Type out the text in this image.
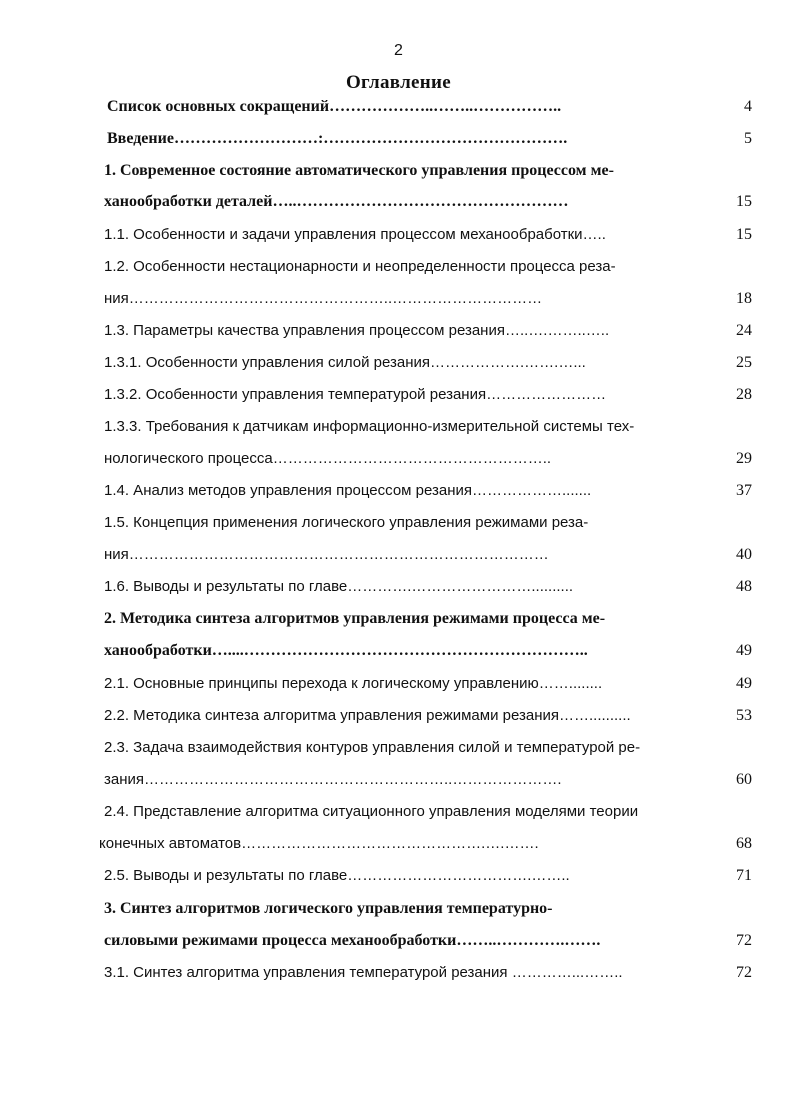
2
Оглавление
Список основных сокращений………………..……..……………..	4
Введение………………………:……………………………………….	5
1. Современное состояние автоматического управления процессом ме-
ханообработки деталей…..……………………………………………	15
1.1. Особенности и задачи управления процессом механообработки…..	15
1.2. Особенности нестационарности и неопределенности процесса реза-
ния……………………………………………..…………………………	18
1.3. Параметры качества управления процессом резания…..….……..…..	24
1.3.1. Особенности управления силой резания……………….…….…...	25
1.3.2. Особенности управления температурой резания……………………	28
1.3.3. Требования к датчикам информационно-измерительной системы тех-
нологического процесса………………………………………………..	29
1.4. Анализ методов управления процессом резания……………….......	37
1.5. Концепция применения логического управления режимами реза-
ния…………………………………………………………………………	40
1.6. Выводы и результаты по главе………….……………………..........	48
2. Методика синтеза алгоритмов управления режимами процесса ме-
ханообработки…....………………………………………………………..	49
2.1. Основные принципы перехода к логическому управлению……........	49
2.2. Методика синтеза алгоритма управления режимами резания……..........	53
2.3. Задача взаимодействия контуров управления силой и температурой ре-
зания……………………………………………………..………………….	60
2.4. Представление алгоритма ситуационного управления моделями теории
конечных автоматов………………………………………….….…….	68
2.5. Выводы и результаты по главе……………………………….……..	71
3. Синтез алгоритмов логического управления температурно-
силовыми режимами процесса механообработки……..………….…….	72
3.1. Синтез алгоритма управления температурой резания …………...……..	72
